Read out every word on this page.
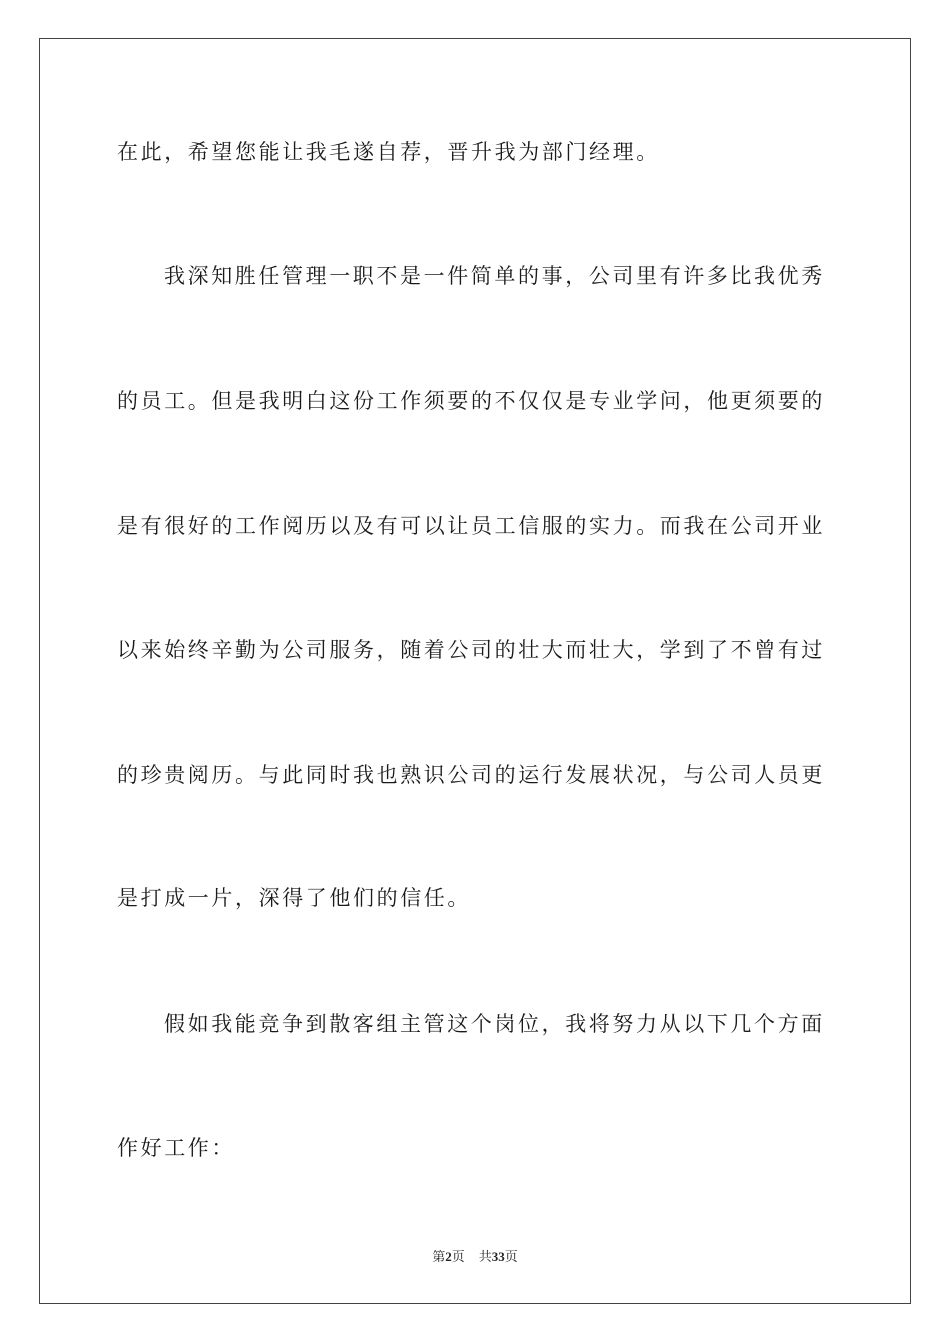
在此，希望您能让我毛遂自荐，晋升我为部门经理。
我深知胜任管理一职不是一件简单的事，公司里有许多比我优秀
的员工。但是我明白这份工作须要的不仅仅是专业学问，他更须要的
是有很好的工作阅历以及有可以让员工信服的实力。而我在公司开业
以来始终辛勤为公司服务，随着公司的壮大而壮大，学到了不曾有过
的珍贵阅历。与此同时我也熟识公司的运行发展状况，与公司人员更
是打成一片，深得了他们的信任。
假如我能竞争到散客组主管这个岗位，我将努力从以下几个方面
作好工作：
第2页 共33页
